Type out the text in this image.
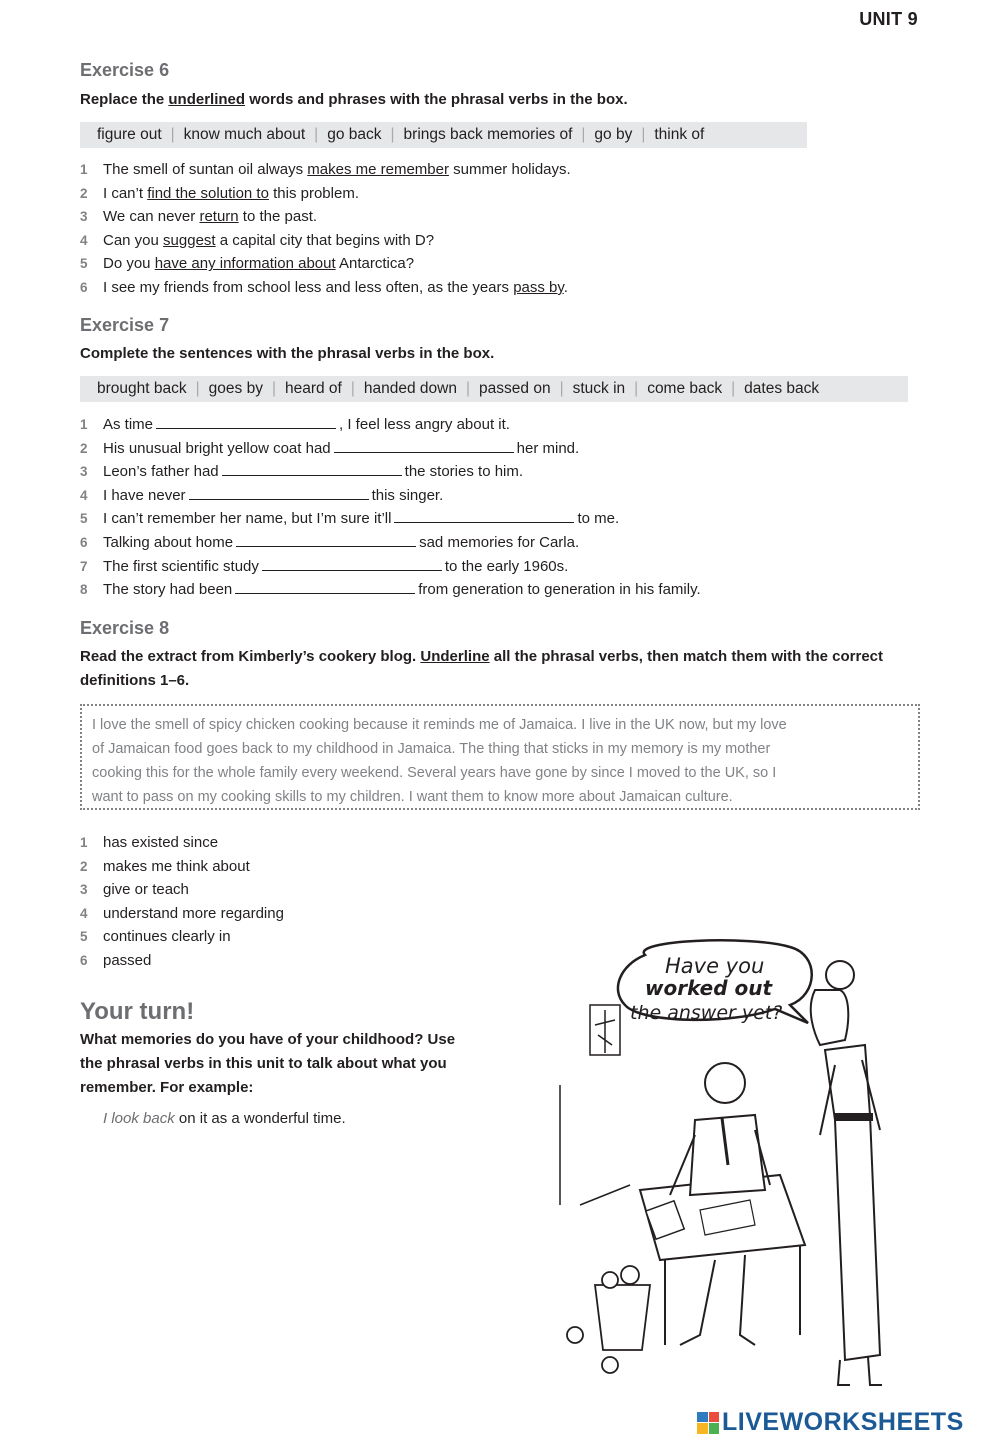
UNIT 9
Exercise 6
Replace the underlined words and phrases with the phrasal verbs in the box.
figure out | know much about | go back | brings back memories of | go by | think of
1 The smell of suntan oil always makes me remember summer holidays.
2 I can’t find the solution to this problem.
3 We can never return to the past.
4 Can you suggest a capital city that begins with D?
5 Do you have any information about Antarctica?
6 I see my friends from school less and less often, as the years pass by.
Exercise 7
Complete the sentences with the phrasal verbs in the box.
brought back | goes by | heard of | handed down | passed on | stuck in | come back | dates back
1 As time	, I feel less angry about it.
2 His unusual bright yellow coat had	her mind.
3 Leon’s father had	the stories to him.
4 I have never	this singer.
5 I can’t remember her name, but I’m sure it’ll	to me.
6 Talking about home	sad memories for Carla.
7 The first scientific study	to the early 1960s.
8 The story had been	from generation to generation in his family.
Exercise 8
Read the extract from Kimberly’s cookery blog. Underline all the phrasal verbs, then match them with the correct definitions 1–6.
I love the smell of spicy chicken cooking because it reminds me of Jamaica. I live in the UK now, but my love
of Jamaican food goes back to my childhood in Jamaica. The thing that sticks in my memory is my mother
cooking this for the whole family every weekend. Several years have gone by since I moved to the UK, so I
want to pass on my cooking skills to my children. I want them to know more about Jamaican culture.
1 has existed since
2 makes me think about
3 give or teach
4 understand more regarding
5 continues clearly in
6 passed
Your turn!
What memories do you have of your childhood? Use the phrasal verbs in this unit to talk about what you remember. For example:
I look back on it as a wonderful time.
Have you
worked out
the answer yet?
LIVEWORKSHEETS
